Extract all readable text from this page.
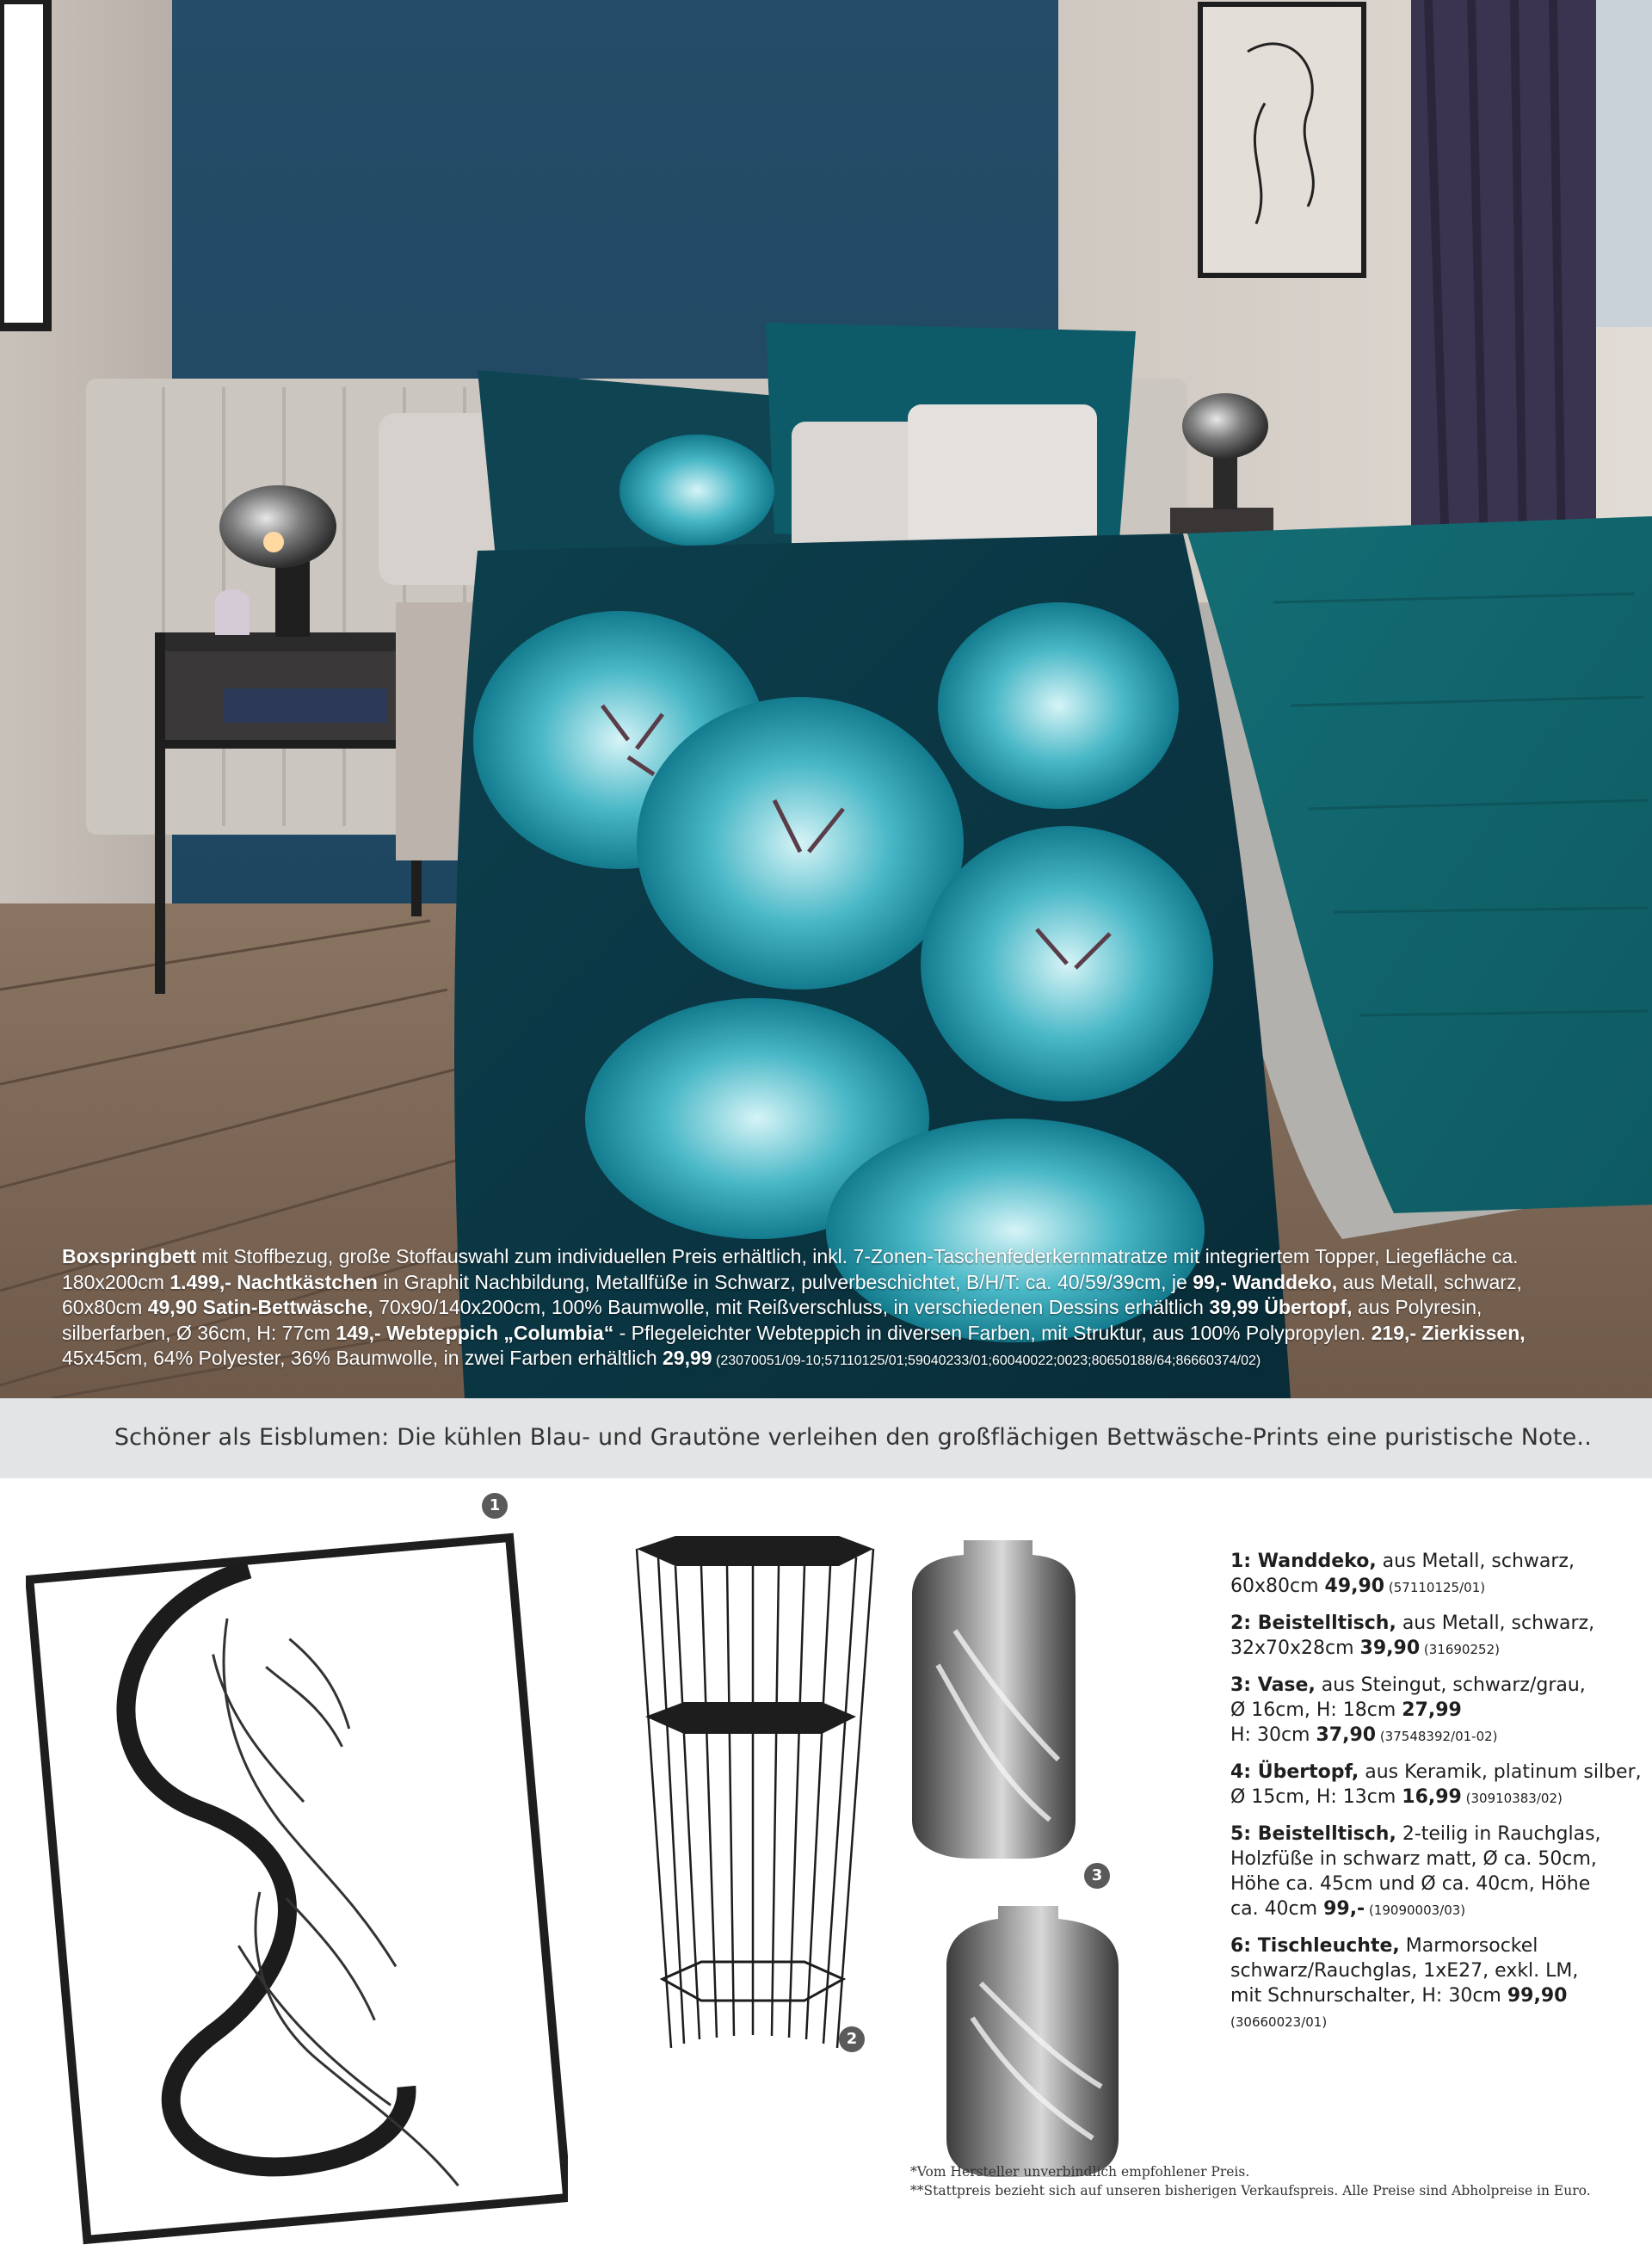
Boxspringbett mit Stoffbezug, große Stoffauswahl zum individuellen Preis erhältlich, inkl. 7-Zonen-Taschenfederkernmatratze mit integriertem Topper, Liegefläche ca. 180x200cm 1.499,- Nachtkästchen in Graphit Nachbildung, Metallfüße in Schwarz, pulverbeschichtet, B/H/T: ca. 40/59/39cm, je 99,- Wanddeko, aus Metall, schwarz, 60x80cm 49,90 Satin-Bettwäsche, 70x90/140x200cm, 100% Baumwolle, mit Reißverschluss, in verschiedenen Dessins erhältlich 39,99 Übertopf, aus Polyresin, silberfarben, Ø 36cm, H: 77cm 149,- Webteppich „Columbia“ - Pflegeleichter Webteppich in diversen Farben, mit Struktur, aus 100% Polypropylen. 219,- Zierkissen, 45x45cm, 64% Polyester, 36% Baumwolle, in zwei Farben erhältlich 29,99 (23070051/09-10;57110125/01;59040233/01;60040022;0023;80650188/64;86660374/02)
Schöner als Eisblumen: Die kühlen Blau- und Grautöne verleihen den großflächigen Bettwäsche-Prints eine puristische Note..
1
2
3
1: Wanddeko, aus Metall, schwarz,
60x80cm 49,90 (57110125/01)
2: Beistelltisch, aus Metall, schwarz,
32x70x28cm 39,90 (31690252)
3: Vase, aus Steingut, schwarz/grau,
Ø 16cm, H: 18cm 27,99
H: 30cm 37,90 (37548392/01-02)
4: Übertopf, aus Keramik, platinum silber,
Ø 15cm, H: 13cm 16,99 (30910383/02)
5: Beistelltisch, 2-teilig in Rauchglas,
Holzfüße in schwarz matt, Ø ca. 50cm,
Höhe ca. 45cm und Ø ca. 40cm, Höhe
ca. 40cm 99,- (19090003/03)
6: Tischleuchte, Marmorsockel
schwarz/Rauchglas, 1xE27, exkl. LM,
mit Schnurschalter, H: 30cm 99,90
(30660023/01)
*Vom Hersteller unverbindlich empfohlener Preis.
**Stattpreis bezieht sich auf unseren bisherigen Verkaufspreis. Alle Preise sind Abholpreise in Euro.
